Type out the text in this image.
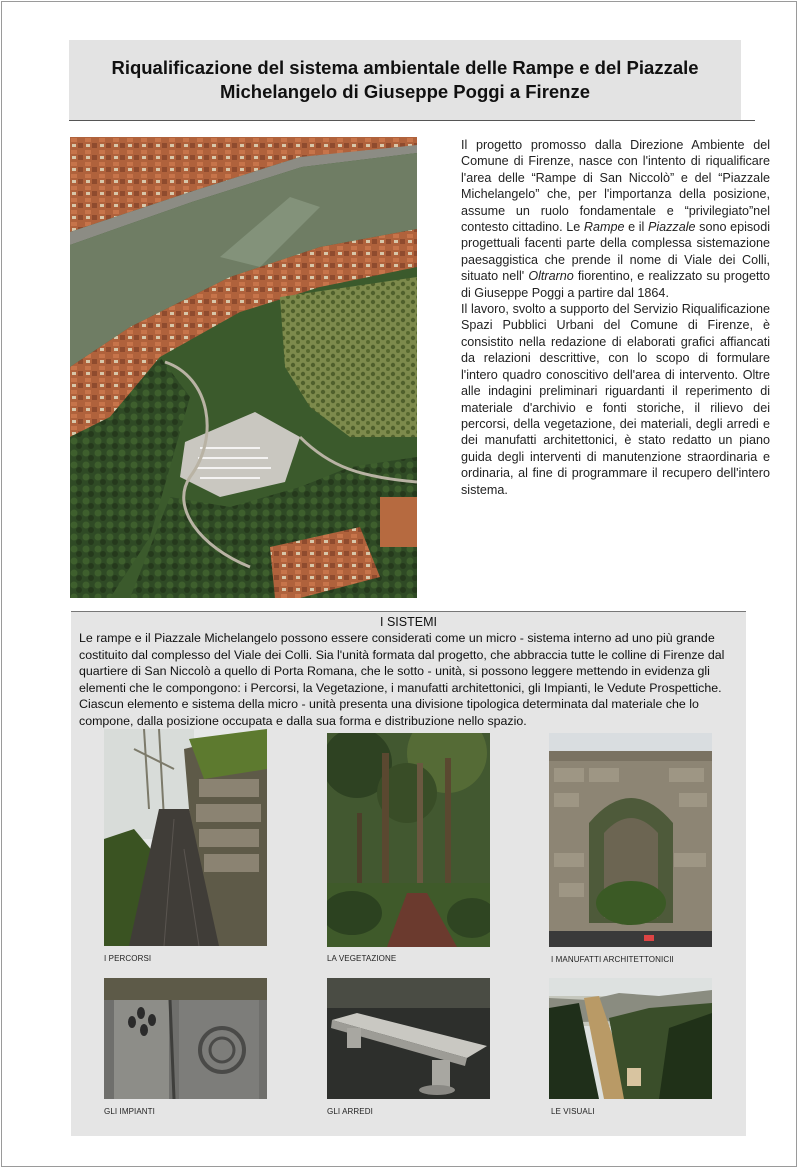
Riqualificazione del sistema ambientale delle Rampe e del Piazzale
Michelangelo di Giuseppe Poggi a Firenze

Il progetto promosso dalla Direzione Ambiente del Comune di Firenze, nasce con l'intento di riqualificare l'area delle “Rampe di San Niccolò” e del “Piazzale Michelangelo” che, per l'importanza della posizione, assume un ruolo fondamentale e “privilegiato”nel contesto cittadino. Le Rampe e il Piazzale sono episodi progettuali facenti parte della complessa sistemazione paesaggistica che prende il nome di Viale dei Colli, situato nell' Oltrarno fiorentino, e realizzato su progetto di Giuseppe Poggi a partire dal 1864.

Il lavoro, svolto a supporto del Servizio Riqualificazione Spazi Pubblici Urbani del Comune di Firenze, è consistito nella redazione di elaborati grafici affiancati da relazioni descrittive, con lo scopo di formulare l'intero quadro conoscitivo dell'area di intervento. Oltre alle indagini preliminari riguardanti il reperimento di materiale d'archivio e fonti storiche, il rilievo dei percorsi, della vegetazione, dei materiali, degli arredi e dei manufatti architettonici, è stato redatto un piano guida degli interventi di manutenzione straordinaria e ordinaria, al fine di programmare il recupero dell'intero sistema.

I SISTEMI
Le rampe e il Piazzale Michelangelo possono essere considerati come un micro - sistema interno ad uno più grande costituito dal complesso del Viale dei Colli. Sia l'unità formata dal progetto, che abbraccia tutte le colline di Firenze dal quartiere di San Niccolò a quello di Porta Romana, che le sotto - unità, si possono leggere mettendo in evidenza gli elementi che le compongono: i Percorsi, la Vegetazione, i manufatti architettonici, gli Impianti, le Vedute Prospettiche. Ciascun elemento e sistema della micro - unità presenta una divisione tipologica determinata dal materiale che lo compone, dalla posizione occupata e dalla sua forma e distribuzione nello spazio.
I PERCORSI	LA VEGETAZIONE	I MANUFATTI ARCHITETTONICII
GLI IMPIANTI	GLI ARREDI	LE VISUALI
